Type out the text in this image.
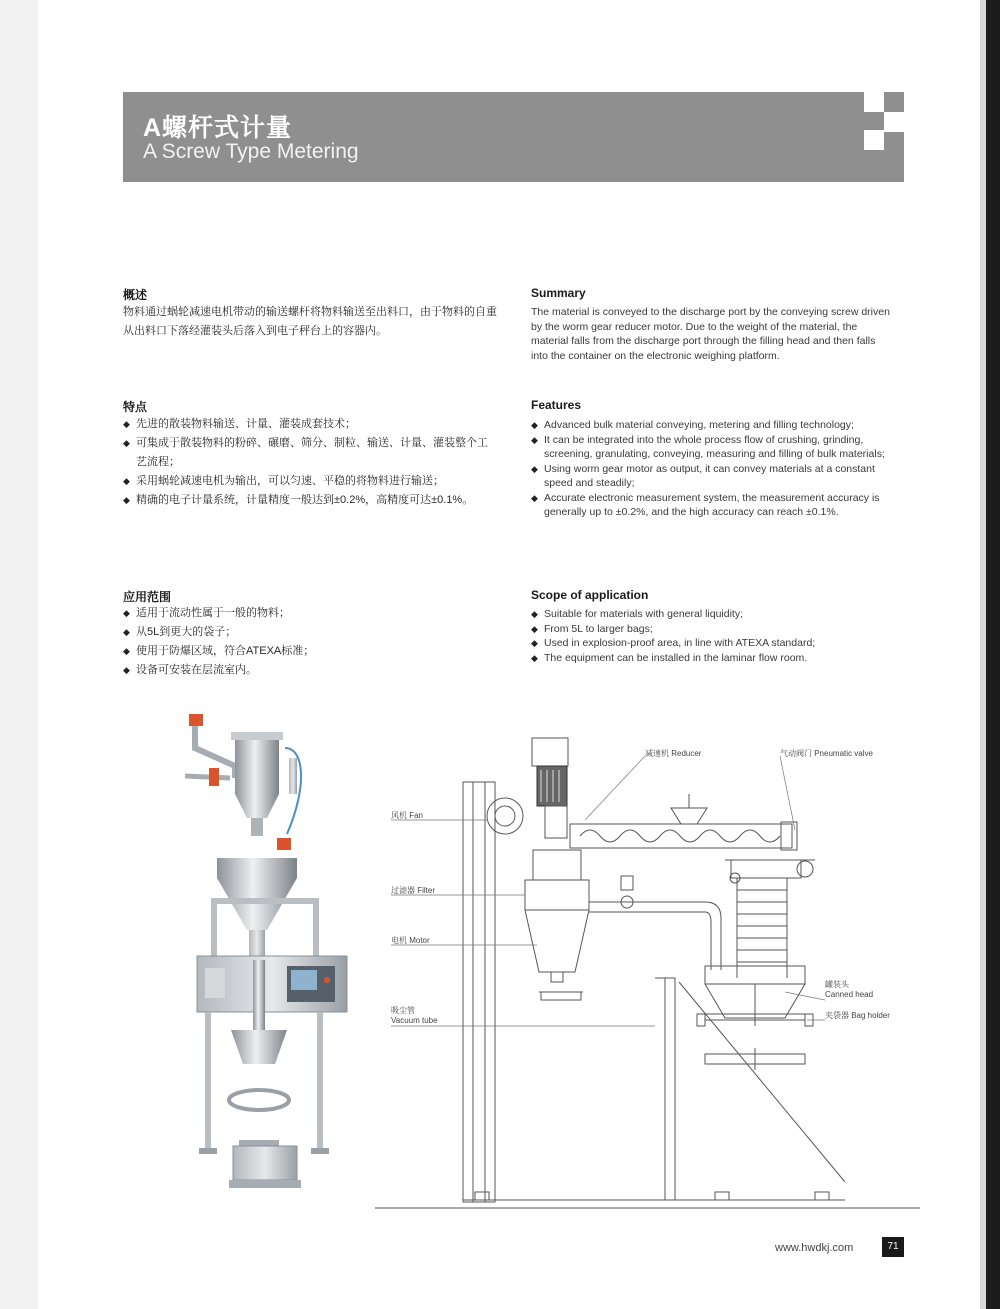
A螺杆式计量
A Screw Type Metering
概述
物料通过蜗轮减速电机带动的输送螺杆将物料输送至出料口，由于物料的自重从出料口下落经灌装头后落入到电子秤台上的容器内。
Summary
The material is conveyed to the discharge port by the conveying screw driven by the worm gear reducer motor. Due to the weight of the material, the material falls from the discharge port through the filling head and then falls into the container on the electronic weighing platform.
特点
◆ 先进的散装物料输送、计量、灌装成套技术；
◆ 可集成于散装物料的粉碎、碾磨、筛分、制粒、输送、计量、灌装整个工艺流程；
◆ 采用蜗轮减速电机为输出，可以匀速、平稳的将物料进行输送；
◆ 精确的电子计量系统，计量精度一般达到±0.2%，高精度可达±0.1%。
Features
◆ Advanced bulk material conveying, metering and filling technology;
◆ It can be integrated into the whole process flow of crushing, grinding, screening, granulating, conveying, measuring and filling of bulk materials;
◆ Using worm gear motor as output, it can convey materials at a constant speed and steadily;
◆ Accurate electronic measurement system, the measurement accuracy is generally up to ±0.2%, and the high accuracy can reach ±0.1%.
应用范围
◆ 适用于流动性属于一般的物料；
◆ 从5L到更大的袋子；
◆ 使用于防爆区域，符合ATEXA标准；
◆ 设备可安装在层流室内。
Scope of application
◆ Suitable for materials with general liquidity;
◆ From 5L to larger bags;
◆ Used in explosion-proof area, in line with ATEXA standard;
◆ The equipment can be installed in the laminar flow room.
减速机 Reducer	气动阀门 Pneumatic valve
风机 Fan
过滤器 Filter
电机 Motor
吸尘管
Vacuum tube
罐装头
Canned head
夹袋器 Bag holder
www.hwdkj.com	71
